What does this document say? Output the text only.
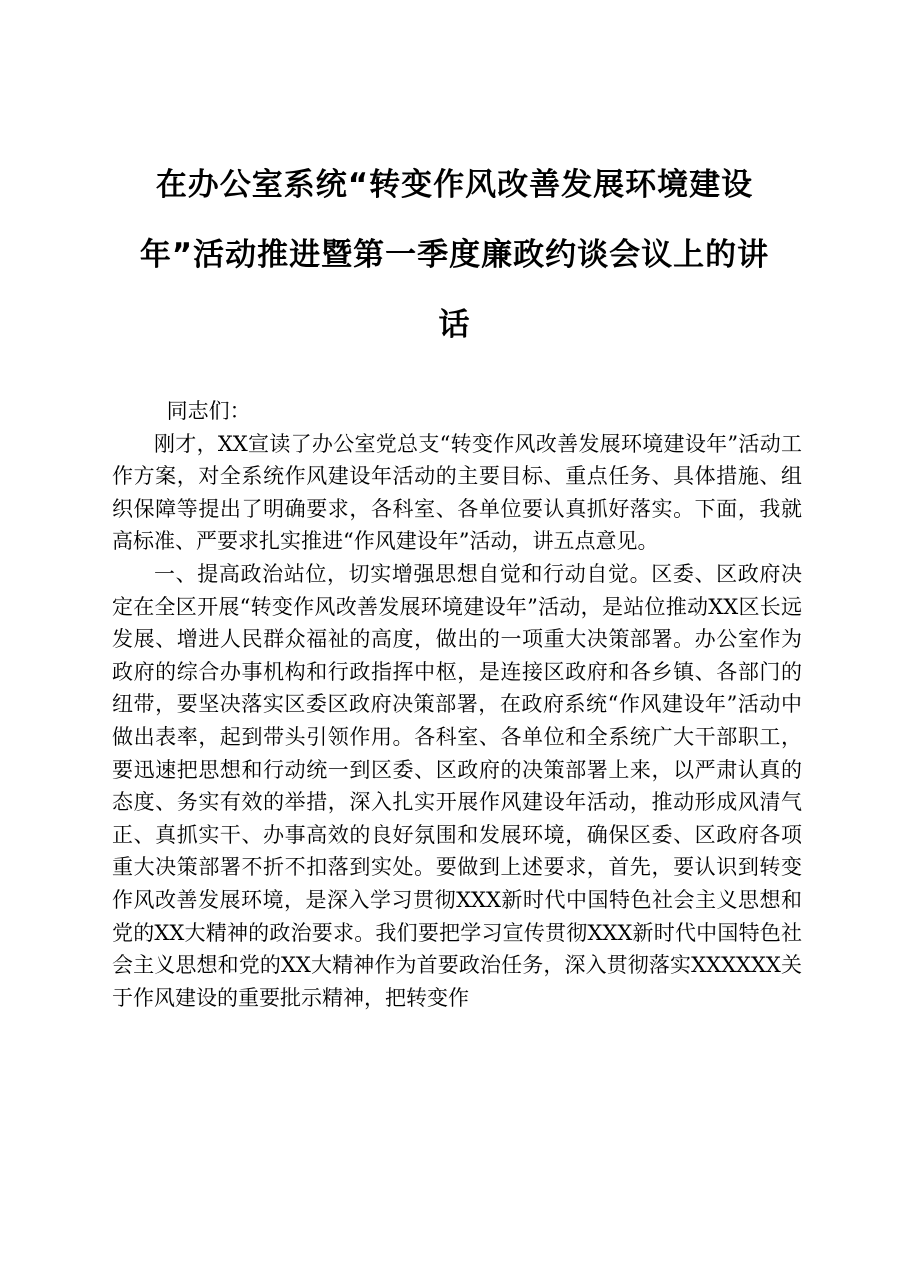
在办公室系统“转变作风改善发展环境建设
年”活动推进暨第一季度廉政约谈会议上的讲
话

同志们：

刚才，XX宣读了办公室党总支“转变作风改善发展环境建设年”活动工作方案，对全系统作风建设年活动的主要目标、重点任务、具体措施、组织保障等提出了明确要求，各科室、各单位要认真抓好落实。下面，我就高标准、严要求扎实推进“作风建设年”活动，讲五点意见。

一、提高政治站位，切实增强思想自觉和行动自觉。区委、区政府决定在全区开展“转变作风改善发展环境建设年”活动，是站位推动XX区长远发展、增进人民群众福祉的高度，做出的一项重大决策部署。办公室作为政府的综合办事机构和行政指挥中枢，是连接区政府和各乡镇、各部门的纽带，要坚决落实区委区政府决策部署，在政府系统“作风建设年”活动中做出表率，起到带头引领作用。各科室、各单位和全系统广大干部职工，要迅速把思想和行动统一到区委、区政府的决策部署上来，以严肃认真的态度、务实有效的举措，深入扎实开展作风建设年活动，推动形成风清气正、真抓实干、办事高效的良好氛围和发展环境，确保区委、区政府各项重大决策部署不折不扣落到实处。要做到上述要求，首先，要认识到转变作风改善发展环境，是深入学习贯彻XXX新时代中国特色社会主义思想和党的XX大精神的政治要求。我们要把学习宣传贯彻XXX新时代中国特色社会主义思想和党的XX大精神作为首要政治任务，深入贯彻落实XXXXXX关于作风建设的重要批示精神，把转变作
